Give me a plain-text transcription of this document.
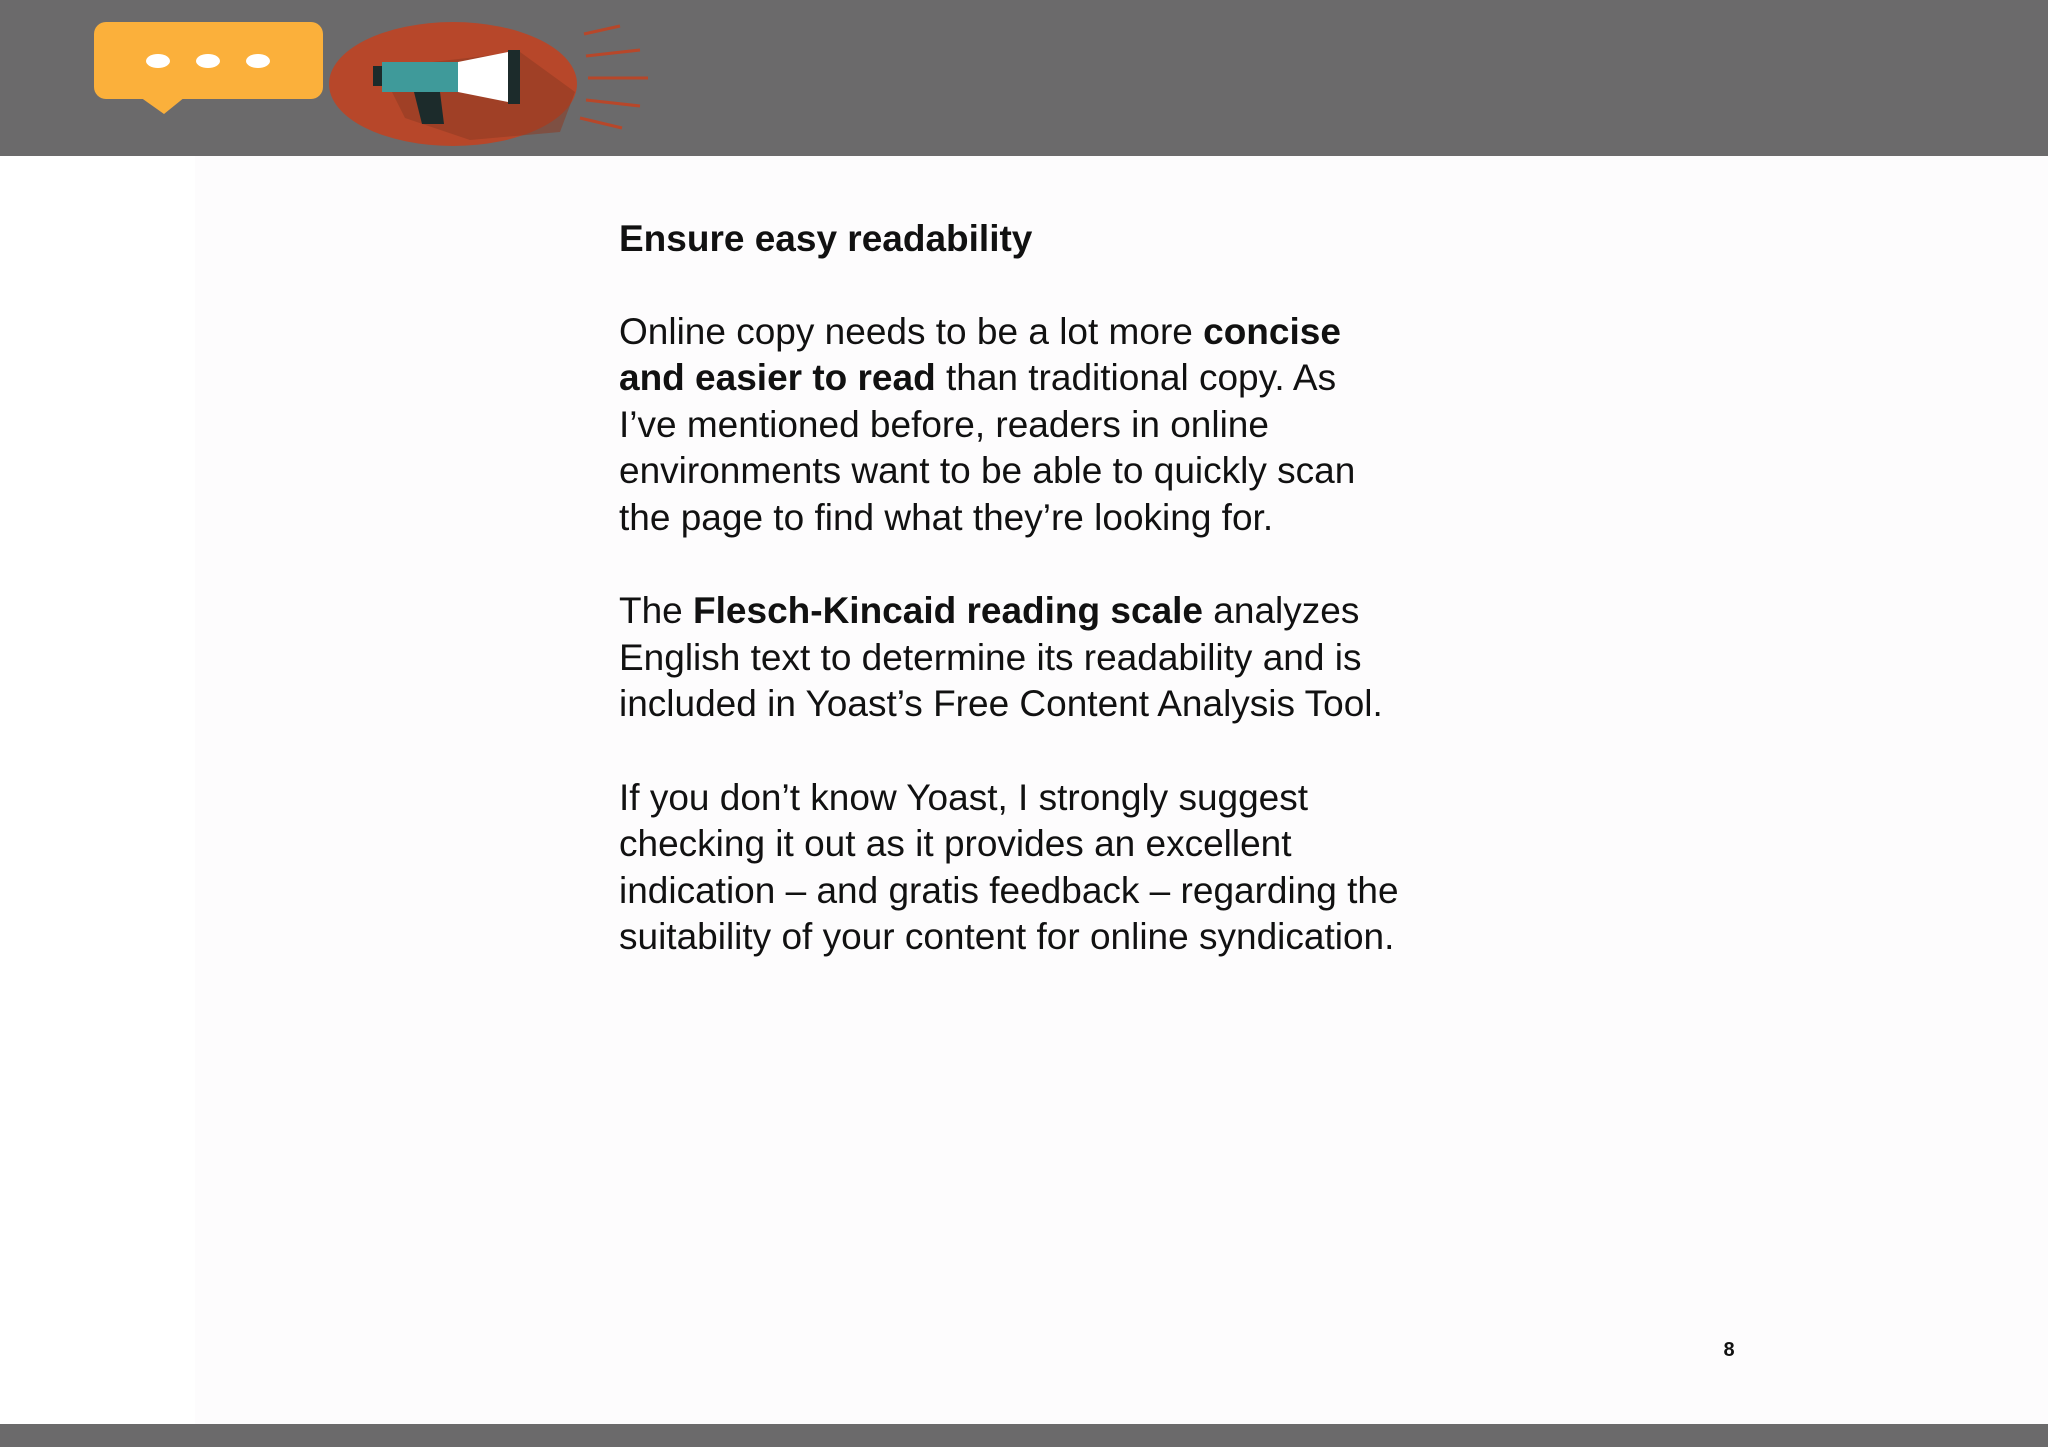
Ensure easy readability

Online copy needs to be a lot more concise
and easier to read than traditional copy. As
I’ve mentioned before, readers in online
environments want to be able to quickly scan
the page to find what they’re looking for.

The Flesch-Kincaid reading scale analyzes
English text to determine its readability and is
included in Yoast’s Free Content Analysis Tool.

If you don’t know Yoast, I strongly suggest
checking it out as it provides an excellent
indication – and gratis feedback – regarding the
suitability of your content for online syndication.

8
